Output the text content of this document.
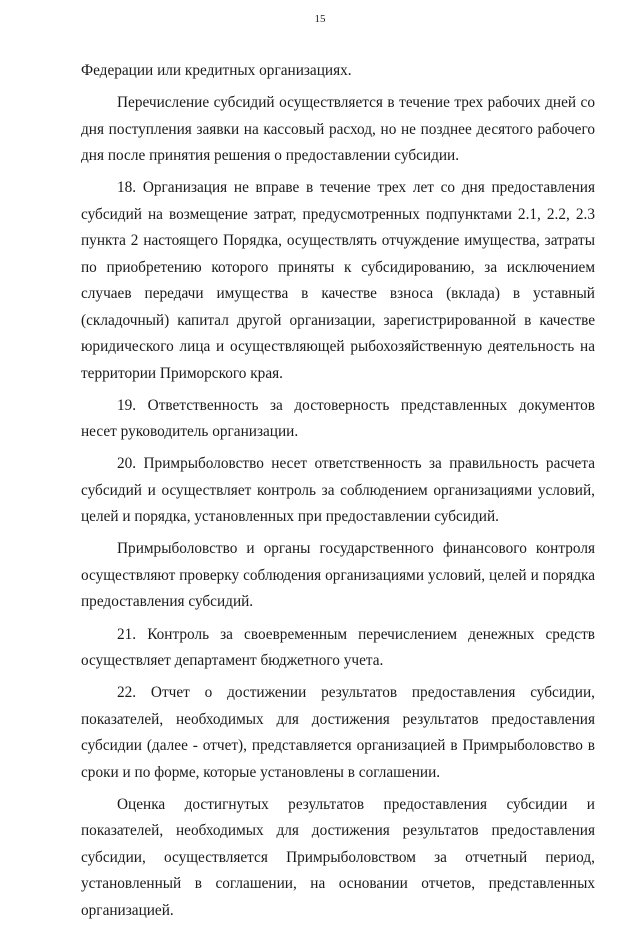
15

Федерации или кредитных организациях.

Перечисление субсидий осуществляется в течение трех рабочих дней со дня поступления заявки на кассовый расход, но не позднее десятого рабочего дня после принятия решения о предоставлении субсидии.

18. Организация не вправе в течение трех лет со дня предоставления субсидий на возмещение затрат, предусмотренных подпунктами 2.1, 2.2, 2.3 пункта 2 настоящего Порядка, осуществлять отчуждение имущества, затраты по приобретению которого приняты к субсидированию, за исключением случаев передачи имущества в качестве взноса (вклада) в уставный (складочный) капитал другой организации, зарегистрированной в качестве юридического лица и осуществляющей рыбохозяйственную деятельность на территории Приморского края.

19. Ответственность за достоверность представленных документов несет руководитель организации.

20. Примрыболовство несет ответственность за правильность расчета субсидий и осуществляет контроль за соблюдением организациями условий, целей и порядка, установленных при предоставлении субсидий.

Примрыболовство и органы государственного финансового контроля осуществляют проверку соблюдения организациями условий, целей и порядка предоставления субсидий.

21. Контроль за своевременным перечислением денежных средств осуществляет департамент бюджетного учета.

22. Отчет о достижении результатов предоставления субсидии, показателей, необходимых для достижения результатов предоставления субсидии (далее - отчет), представляется организацией в Примрыболовство в сроки и по форме, которые установлены в соглашении.

Оценка достигнутых результатов предоставления субсидии и показателей, необходимых для достижения результатов предоставления субсидии, осуществляется Примрыболовством за отчетный период, установленный в соглашении, на основании отчетов, представленных организацией.
